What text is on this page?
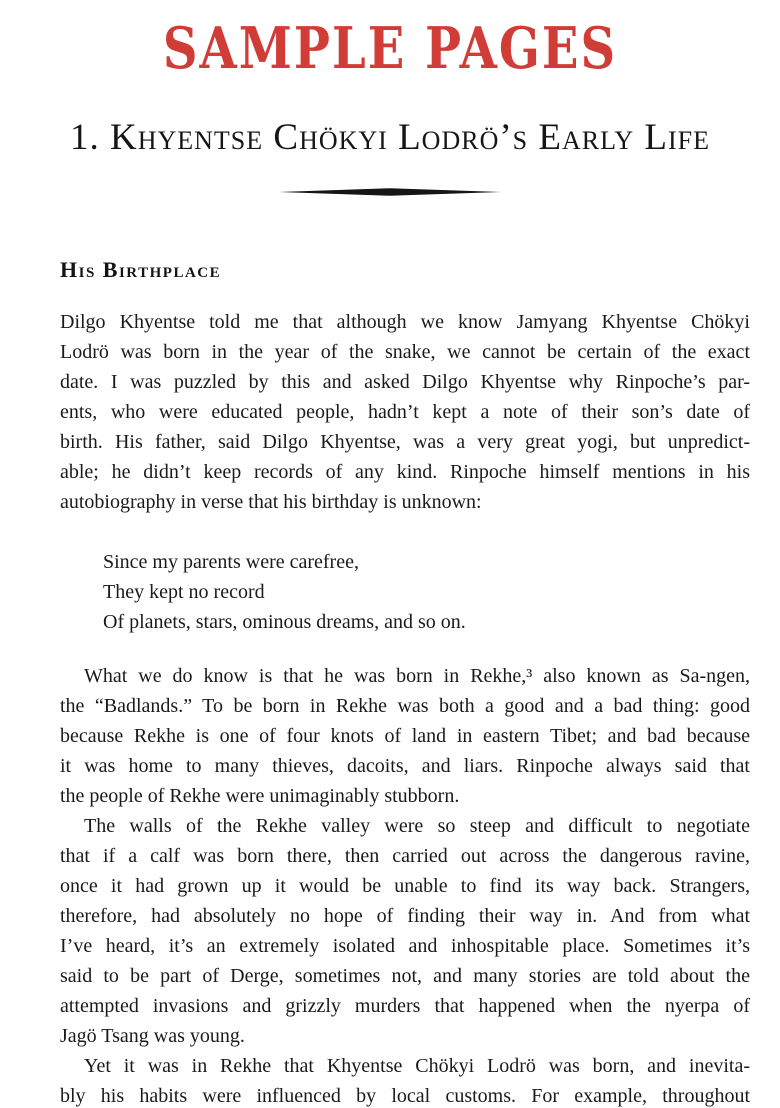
SAMPLE PAGES
1. Khyentse Chökyi Lodrö’s Early Life
His Birthplace
Dilgo Khyentse told me that although we know Jamyang Khyentse Chökyi
Lodrö was born in the year of the snake, we cannot be certain of the exact
date. I was puzzled by this and asked Dilgo Khyentse why Rinpoche’s par-
ents, who were educated people, hadn’t kept a note of their son’s date of
birth. His father, said Dilgo Khyentse, was a very great yogi, but unpredict-
able; he didn’t keep records of any kind. Rinpoche himself mentions in his
autobiography in verse that his birthday is unknown:
Since my parents were carefree,
They kept no record
Of planets, stars, ominous dreams, and so on.
What we do know is that he was born in Rekhe,³ also known as Sa-ngen,
the “Badlands.” To be born in Rekhe was both a good and a bad thing: good
because Rekhe is one of four knots of land in eastern Tibet; and bad because
it was home to many thieves, dacoits, and liars. Rinpoche always said that
the people of Rekhe were unimaginably stubborn.
The walls of the Rekhe valley were so steep and difficult to negotiate
that if a calf was born there, then carried out across the dangerous ravine,
once it had grown up it would be unable to find its way back. Strangers,
therefore, had absolutely no hope of finding their way in. And from what
I’ve heard, it’s an extremely isolated and inhospitable place. Sometimes it’s
said to be part of Derge, sometimes not, and many stories are told about the
attempted invasions and grizzly murders that happened when the nyerpa of
Jagö Tsang was young.
Yet it was in Rekhe that Khyentse Chökyi Lodrö was born, and inevita-
bly his habits were influenced by local customs. For example, throughout
